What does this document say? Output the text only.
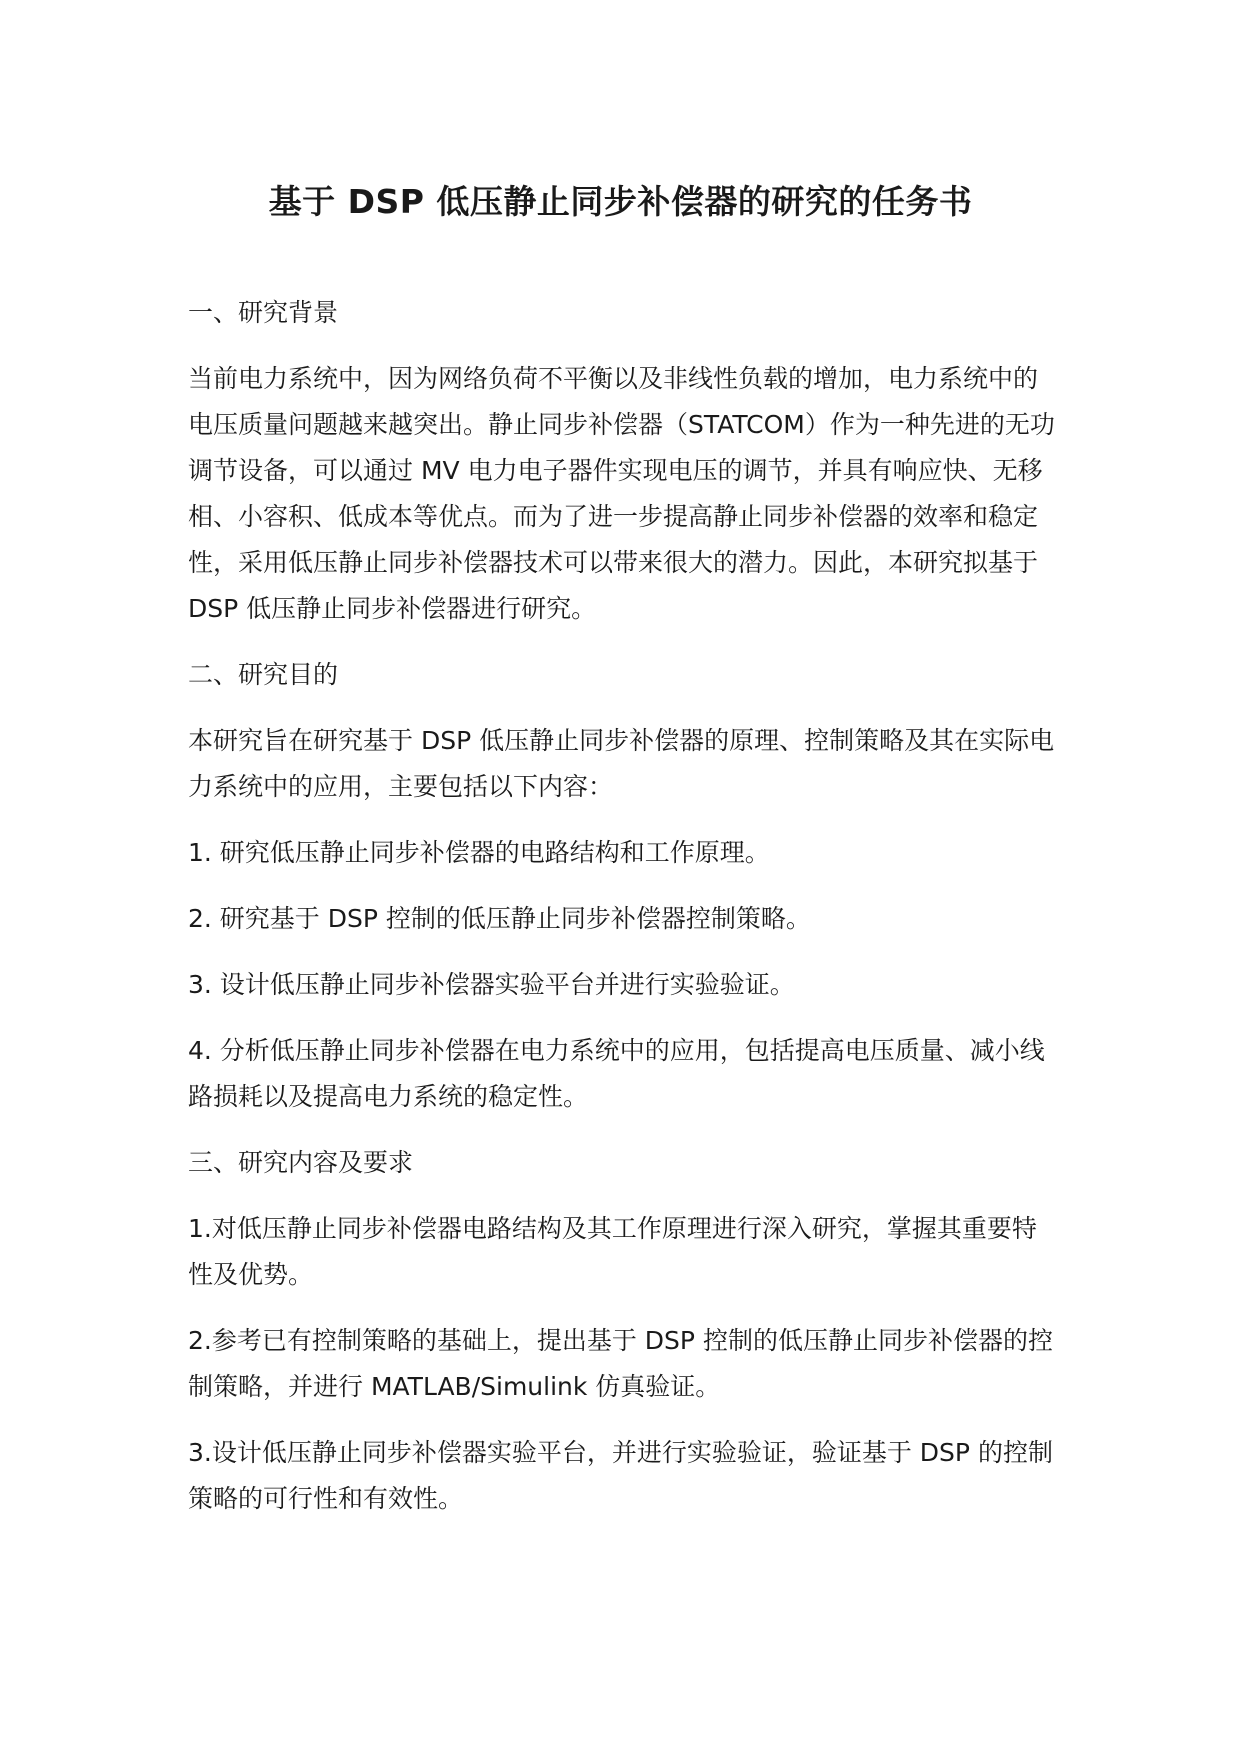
基于 DSP 低压静止同步补偿器的研究的任务书

一、研究背景

当前电力系统中，因为网络负荷不平衡以及非线性负载的增加，电力系统中的电压质量问题越来越突出。静止同步补偿器（STATCOM）作为一种先进的无功调节设备，可以通过 MV 电力电子器件实现电压的调节，并具有响应快、无移相、小容积、低成本等优点。而为了进一步提高静止同步补偿器的效率和稳定性，采用低压静止同步补偿器技术可以带来很大的潜力。因此，本研究拟基于 DSP 低压静止同步补偿器进行研究。

二、研究目的

本研究旨在研究基于 DSP 低压静止同步补偿器的原理、控制策略及其在实际电力系统中的应用，主要包括以下内容：

1. 研究低压静止同步补偿器的电路结构和工作原理。

2. 研究基于 DSP 控制的低压静止同步补偿器控制策略。

3. 设计低压静止同步补偿器实验平台并进行实验验证。

4. 分析低压静止同步补偿器在电力系统中的应用，包括提高电压质量、减小线路损耗以及提高电力系统的稳定性。

三、研究内容及要求

1.对低压静止同步补偿器电路结构及其工作原理进行深入研究，掌握其重要特性及优势。

2.参考已有控制策略的基础上，提出基于 DSP 控制的低压静止同步补偿器的控制策略，并进行 MATLAB/Simulink 仿真验证。

3.设计低压静止同步补偿器实验平台，并进行实验验证，验证基于 DSP 的控制策略的可行性和有效性。
